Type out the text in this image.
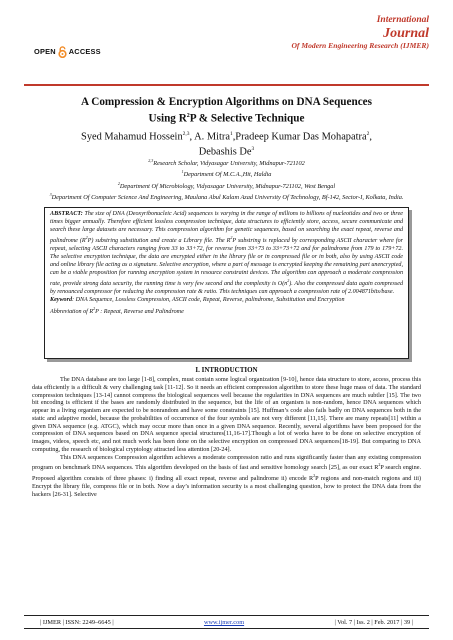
OPEN ACCESS
International
Journal
Of Modern Engineering Research (IJMER)
A Compression & Encryption Algorithms on DNA Sequences
Using $R^2P$ & Selective Technique
Syed Mahamud Hossein$^{2,3}$, A. Mitra$^1$,Pradeep Kumar Das Mohapatra$^2$,
Debashis De$^3$
$^{2,3}$Research Scholar, Vidyasagar University, Midnapur-721102
$^1$Department Of M.C.A.,Hit, Haldia
$^2$Department Of Microbiology, Vidyasagar University, Midnapur-721102, West Bengal
$^3$Department Of Computer Science And Engineering, Maulana Abul Kalam Azad University Of Technology, Bf-142, Sector-I, Kolkata, India.

ABSTRACT: The size of DNA (Deoxyribonucleic Acid) sequences is varying in the range of millions to billions of nucleotides and two or three times bigger annually. Therefore efficient lossless compression technique, data structures to efficiently store, access, secure communicate and search these large datasets are necessary. This compression algorithm for genetic sequences, based on searching the exact repeat, reverse and palindrome $(R^2P)$ substring substitution and create a Library file. The $R^2P$ substring is replaced by corresponding ASCII character where for repeat, selecting ASCII characters ranging from 33 to 33+72, for reverse from 33+73 to 33+73+72 and for palindrome from 179 to 179+72. The selective encryption technique, the data are encrypted either in the library file or in compressed file or in both, also by using ASCII code and online library file acting as a signature. Selective encryption, where a part of message is encrypted keeping the remaining part unencrypted, can be a viable proposition for running encryption system in resource constraint devices. The algorithm can approach a moderate compression rate, provide strong data security, the running time is very few second and the complexity is $O(n^2)$. Also the compressed data again compressed by renounced compressor for reducing the compression rate & ratio. This techniques can approach a compression rate of 2.004871bits/base.

Keyword: DNA Sequence, Lossless Compression, ASCII code, Repeat, Reverse, palindrome, Substitution and Encryption

Abbreviation of $R^2P$ : Repeat, Reverse and Palindrome

I. INTRODUCTION

The DNA database are too large [1-8], complex, must contain some logical organization [9-10], hence data structure to store, access, process this data efficiently is a difficult & very challenging task [11-12]. So it needs an efficient compression algorithm to store these huge mass of data. The standard compression techniques [13-14] cannot compress the biological sequences well because the regularities in DNA sequences are much subtler [15]. The two bit encoding is efficient if the bases are randomly distributed in the sequence, but the life of an organism is non-random, hence DNA sequences which appear in a living organism are expected to be nonrandom and have some constraints [15]. Huffman’s code also fails badly on DNA sequences both in the static and adaptive model, because the probabilities of occurrence of the four symbols are not very different [11,15]. There are many repeats[11] within a given DNA sequence (e.g. ATGC), which may occur more than once in a given DNA sequence. Recently, several algorithms have been proposed for the compression of DNA sequences based on DNA sequence special structures[11,16-17].Though a lot of works have to be done on selective encryption of images, videos, speech etc, and not much work has been done on the selective encryption on compressed DNA sequences[18-19]. But comparing to DNA computing, the research of biological cryptology attracted less attention [20-24].

This DNA sequences Compression algorithm achieves a moderate compression ratio and runs significantly faster than any existing compression program on benchmark DNA sequences. This algorithm developed on the basis of fast and sensitive homology search [25], as our exact $R^2P$ search engine. Proposed algorithm consists of three phases: i) finding all exact repeat, reverse and palindrome ii) encode $R^2P$ regions and non-match regions and iii) Encrypt the library file, compress file or in both. Now a day’s information security is a most challenging question, how to protect the DNA data from the hackers [26-31]. Selective

| IJMER | ISSN: 2249–6645 |	www.ijmer.com	| Vol. 7 | Iss. 2 | Feb. 2017 | 39 |
